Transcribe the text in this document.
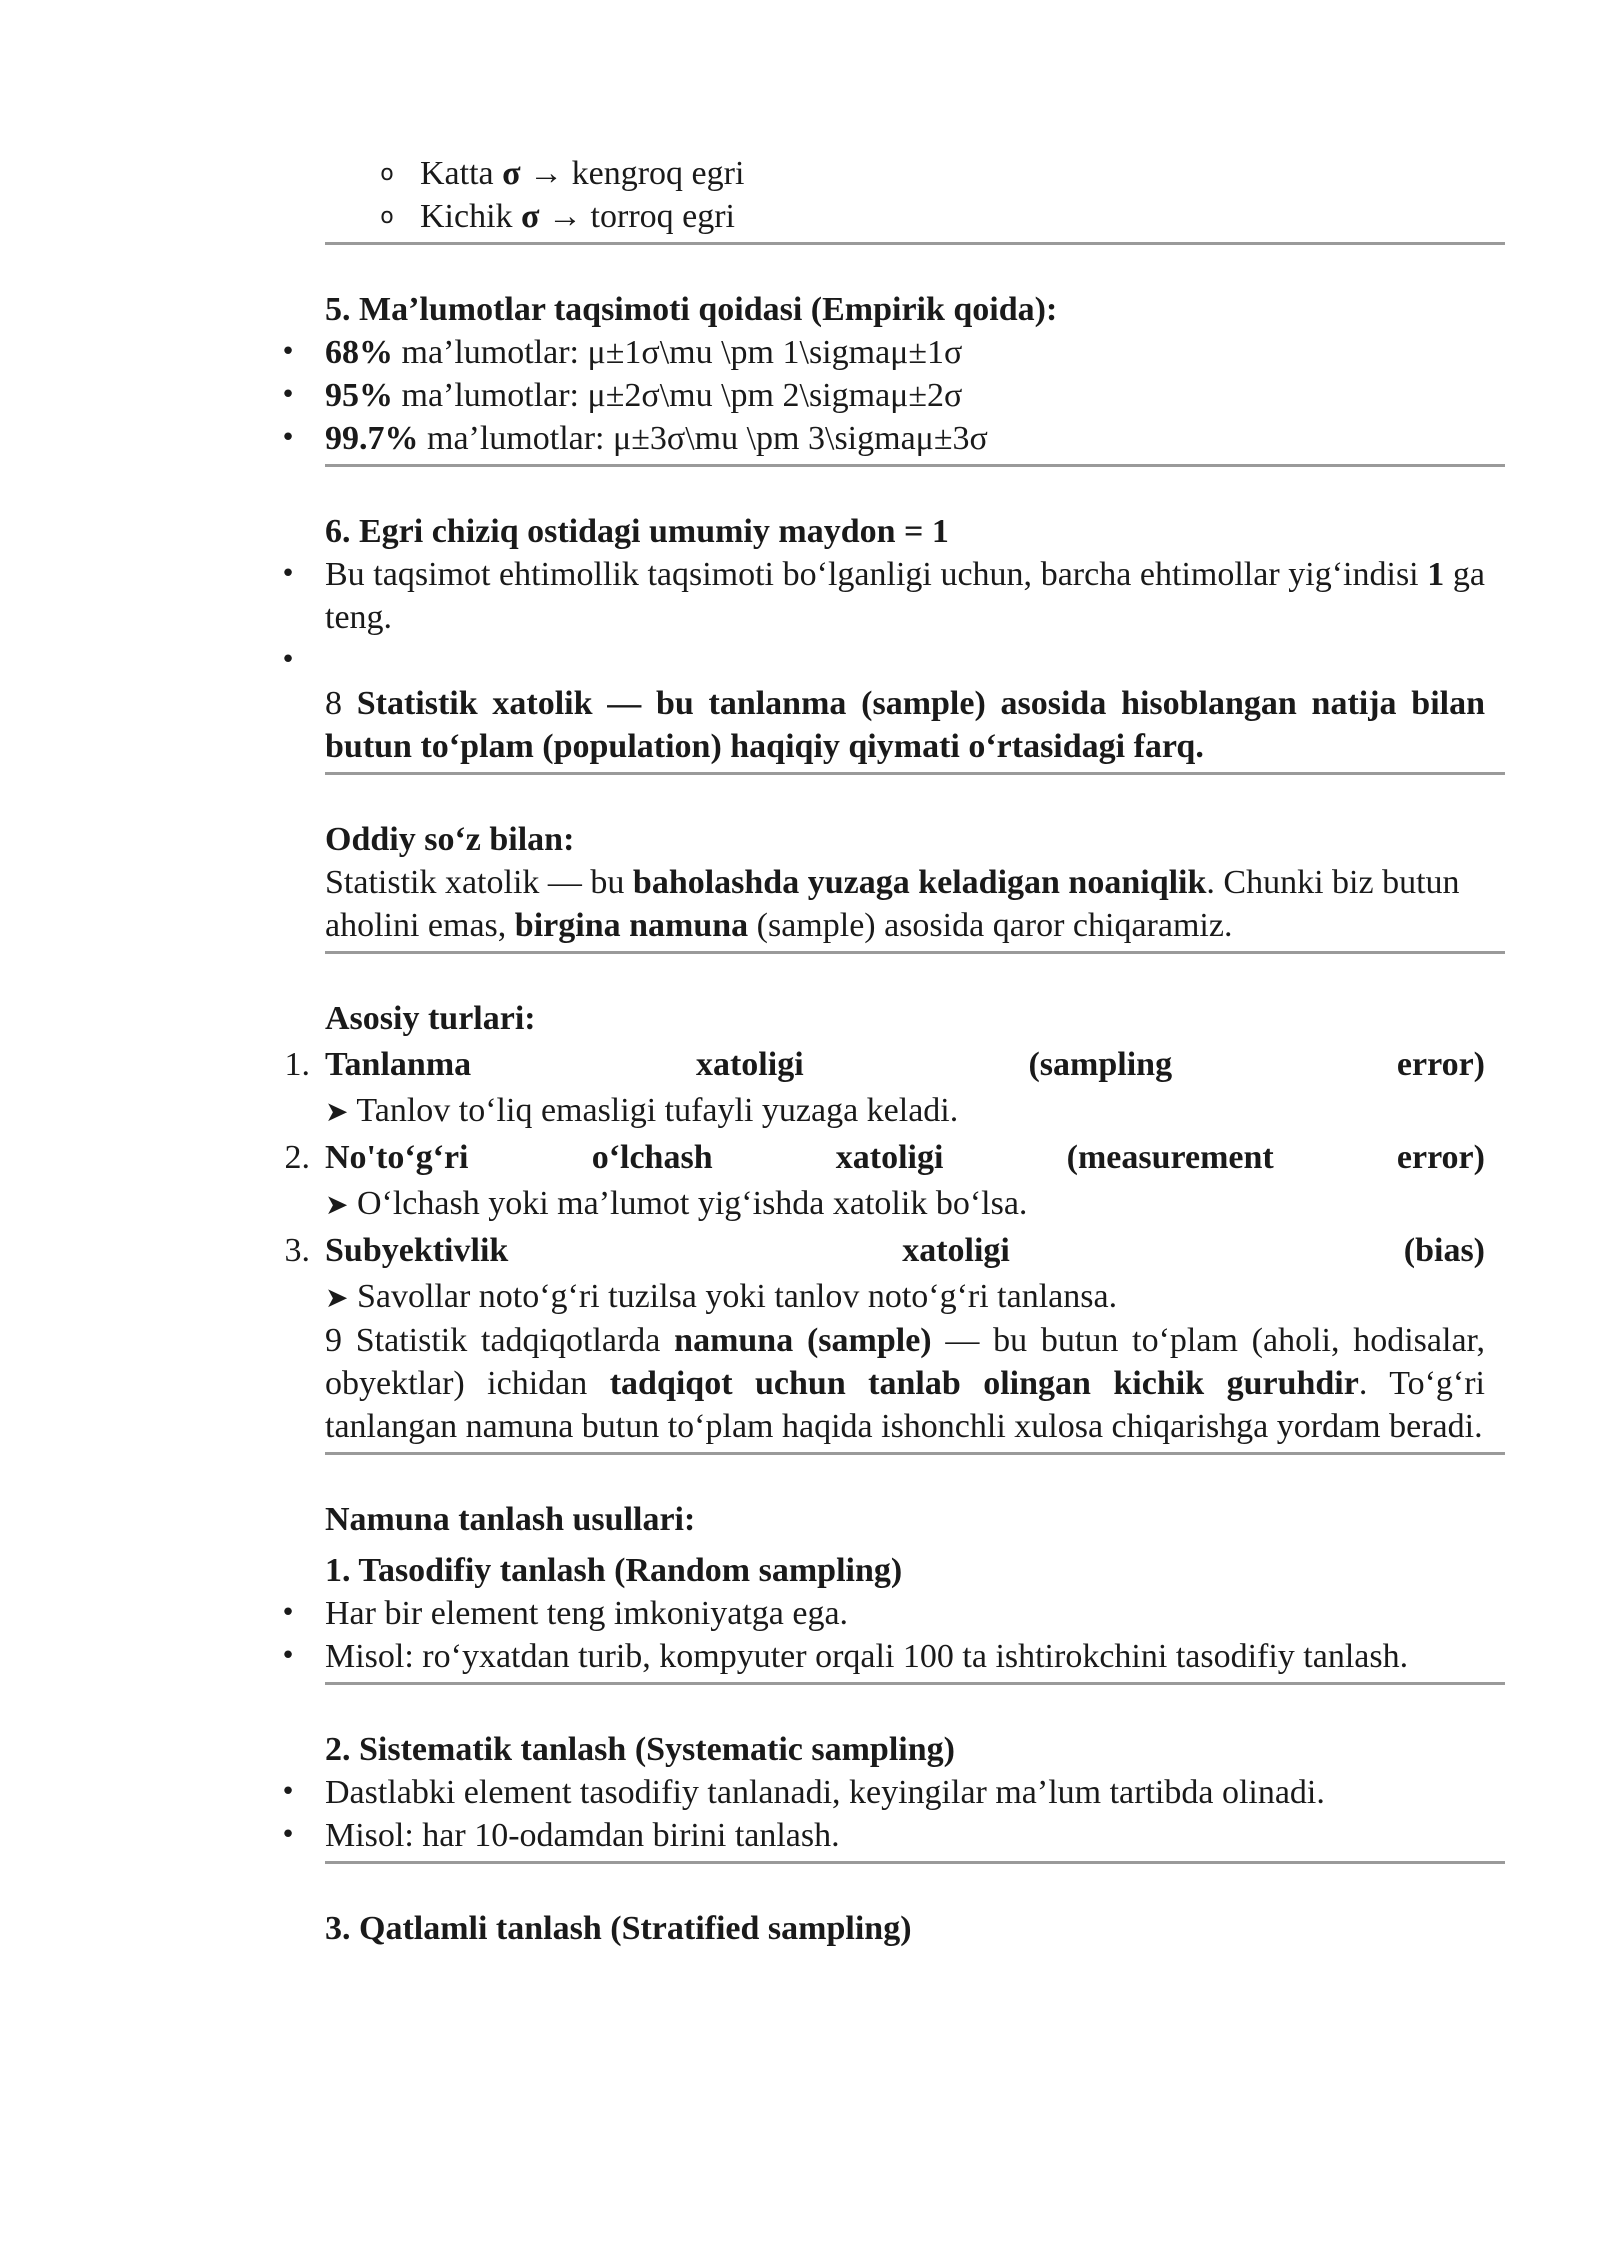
o Katta σ → kengroq egri
o Kichik σ → torroq egri
5. Ma’lumotlar taqsimoti qoidasi (Empirik qoida):
• 68% ma’lumotlar: μ±1σ\mu \pm 1\sigmaμ±1σ
• 95% ma’lumotlar: μ±2σ\mu \pm 2\sigmaμ±2σ
• 99.7% ma’lumotlar: μ±3σ\mu \pm 3\sigmaμ±3σ
6. Egri chiziq ostidagi umumiy maydon = 1
• Bu taqsimot ehtimollik taqsimoti bo‘lganligi uchun, barcha ehtimollar yig‘indisi 1 ga teng.
•
8 Statistik xatolik — bu tanlanma (sample) asosida hisoblangan natija bilan butun to‘plam (population) haqiqiy qiymati o‘rtasidagi farq.
Oddiy so‘z bilan:
Statistik xatolik — bu baholashda yuzaga keladigan noaniqlik. Chunki biz butun aholini emas, birgina namuna (sample) asosida qaror chiqaramiz.
Asosiy turlari:
1. Tanlanma	xatoligi	(sampling	error)
➤ Tanlov to‘liq emasligi tufayli yuzaga keladi.
2. No'to‘g‘ri	o‘lchash	xatoligi	(measurement	error)
➤ O‘lchash yoki ma’lumot yig‘ishda xatolik bo‘lsa.
3. Subyektivlik	xatoligi	(bias)
➤ Savollar noto‘g‘ri tuzilsa yoki tanlov noto‘g‘ri tanlansa.
9 Statistik tadqiqotlarda namuna (sample) — bu butun to‘plam (aholi, hodisalar, obyektlar) ichidan tadqiqot uchun tanlab olingan kichik guruhdir. To‘g‘ri tanlangan namuna butun to‘plam haqida ishonchli xulosa chiqarishga yordam beradi.
Namuna tanlash usullari:
1. Tasodifiy tanlash (Random sampling)
• Har bir element teng imkoniyatga ega.
• Misol: ro‘yxatdan turib, kompyuter orqali 100 ta ishtirokchini tasodifiy tanlash.
2. Sistematik tanlash (Systematic sampling)
• Dastlabki element tasodifiy tanlanadi, keyingilar ma’lum tartibda olinadi.
• Misol: har 10-odamdan birini tanlash.
3. Qatlamli tanlash (Stratified sampling)
